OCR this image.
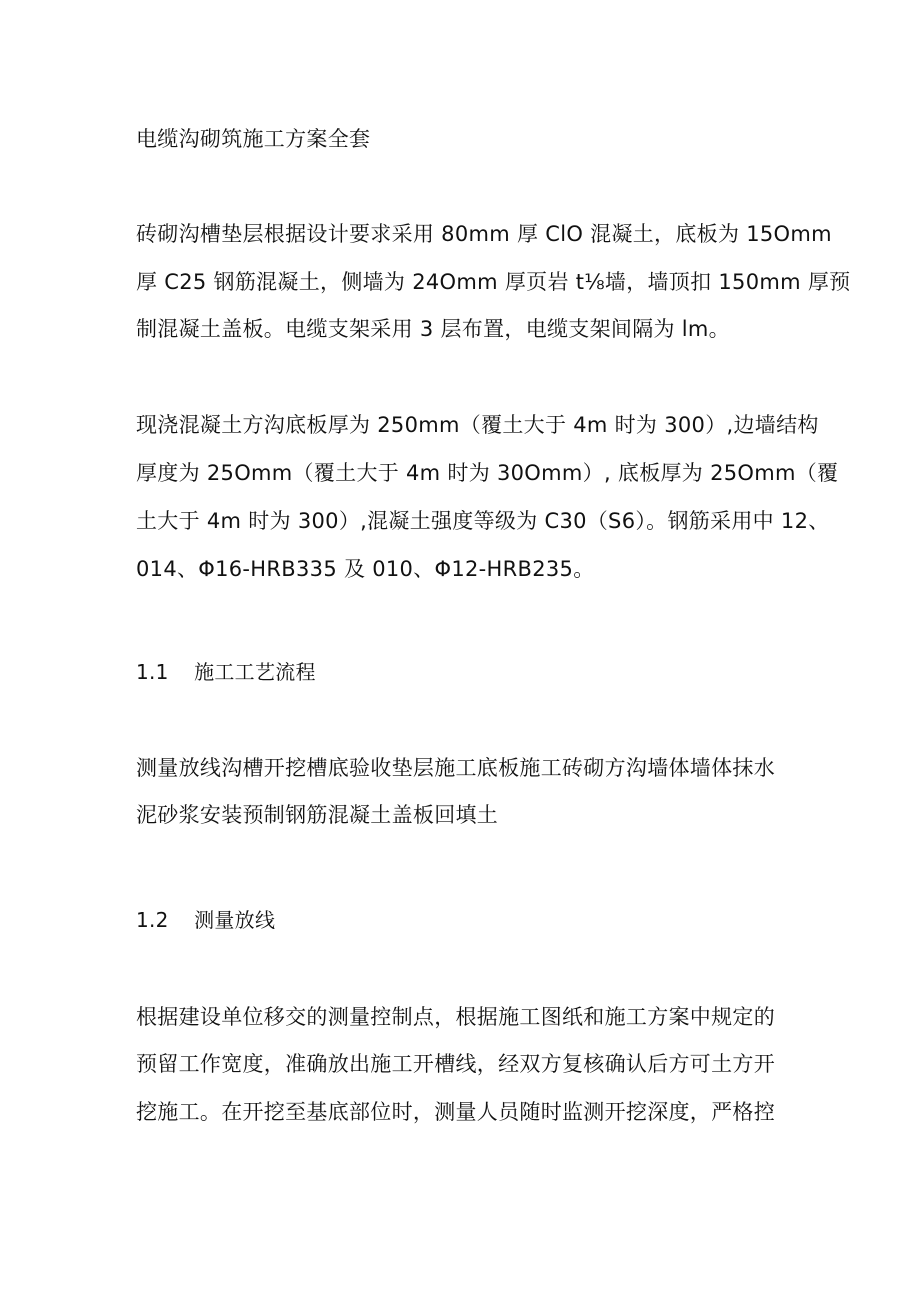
电缆沟砌筑施工方案全套
砖砌沟槽垫层根据设计要求采用 80mm 厚 ClO 混凝土，底板为 15Omm
厚 C25 钢筋混凝土，侧墙为 24Omm 厚页岩 t⅛墙，墙顶扣 150mm 厚预
制混凝土盖板。电缆支架采用 3 层布置，电缆支架间隔为 lm。
现浇混凝土方沟底板厚为 250mm（覆土大于 4m 时为 300）,边墙结构
厚度为 25Omm（覆土大于 4m 时为 30Omm）, 底板厚为 25Omm（覆
土大于 4m 时为 300）,混凝土强度等级为 C30（S6）。钢筋采用中 12、
014、Φ16-HRB335 及 010、Φ12-HRB235。
1.1 施工工艺流程
测量放线沟槽开挖槽底验收垫层施工底板施工砖砌方沟墙体墙体抹水
泥砂浆安装预制钢筋混凝土盖板回填土
1.2 测量放线
根据建设单位移交的测量控制点，根据施工图纸和施工方案中规定的
预留工作宽度，准确放出施工开槽线，经双方复核确认后方可土方开
挖施工。在开挖至基底部位时，测量人员随时监测开挖深度，严格控
